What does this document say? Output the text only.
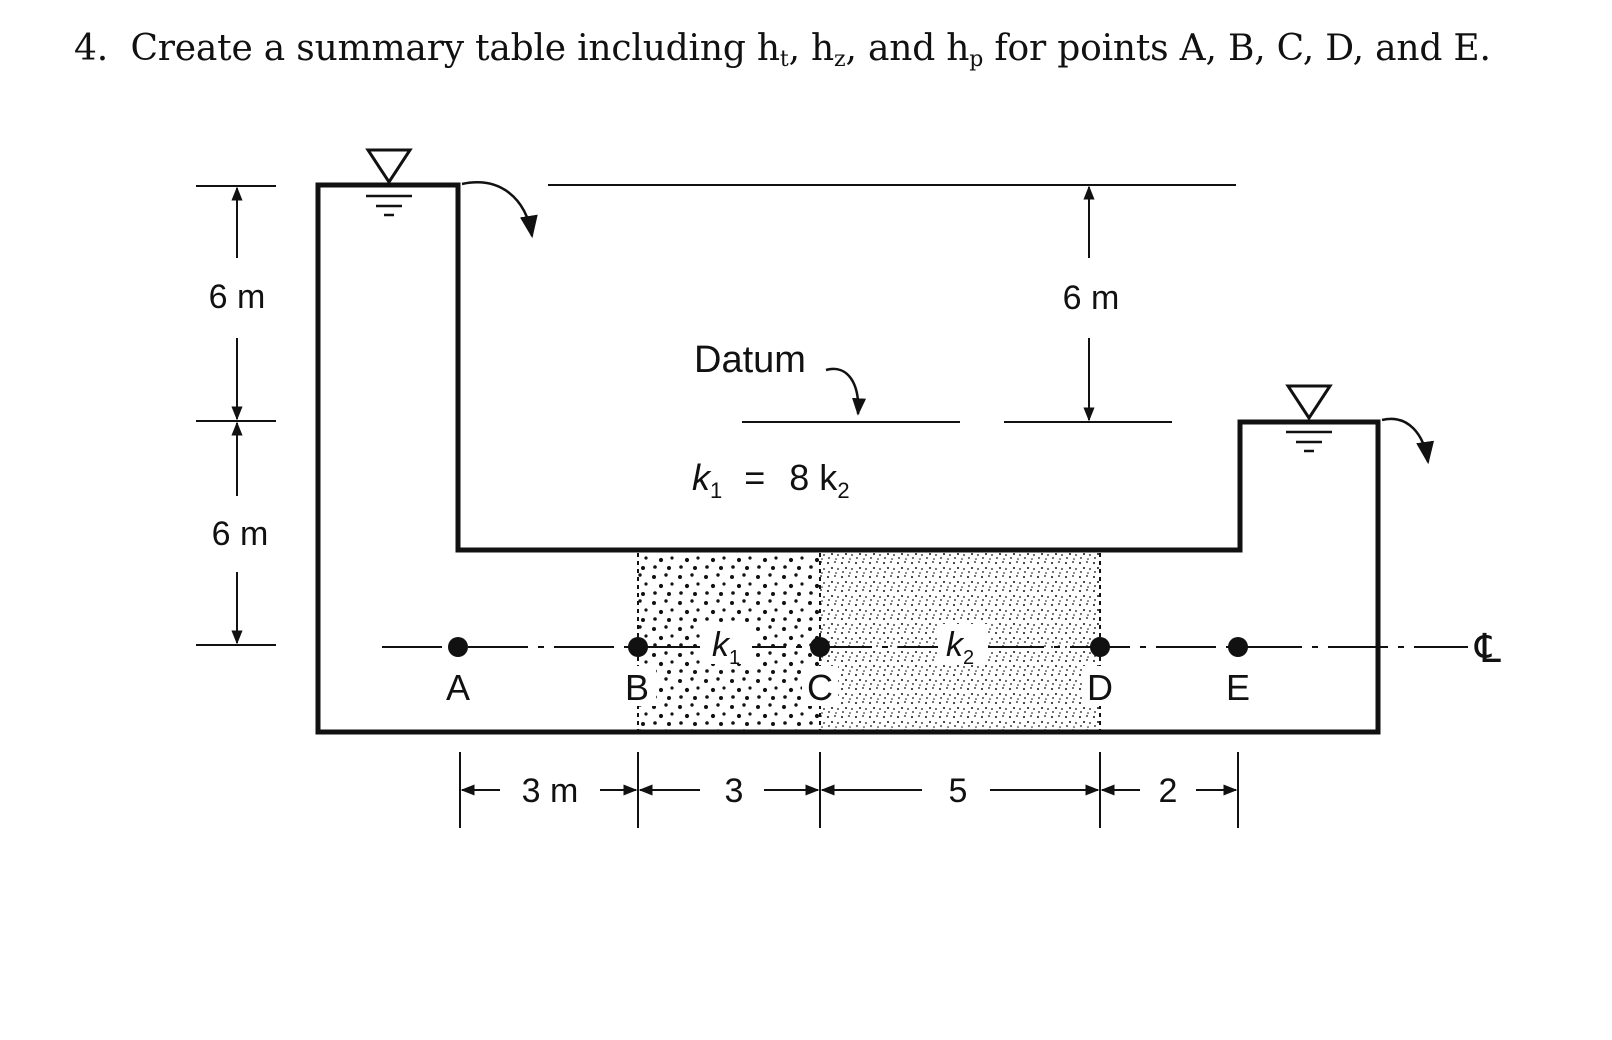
4. Create a summary table including $h_t$, $h_z$, and $h_p$ for points A, B, C, D, and E.
6 m
6 m
6 m
Datum
$k_1 = 8$ $k_2$
℄
$k_1$	$k_2$
A	B	C	D	E
3 m	3	5	2
